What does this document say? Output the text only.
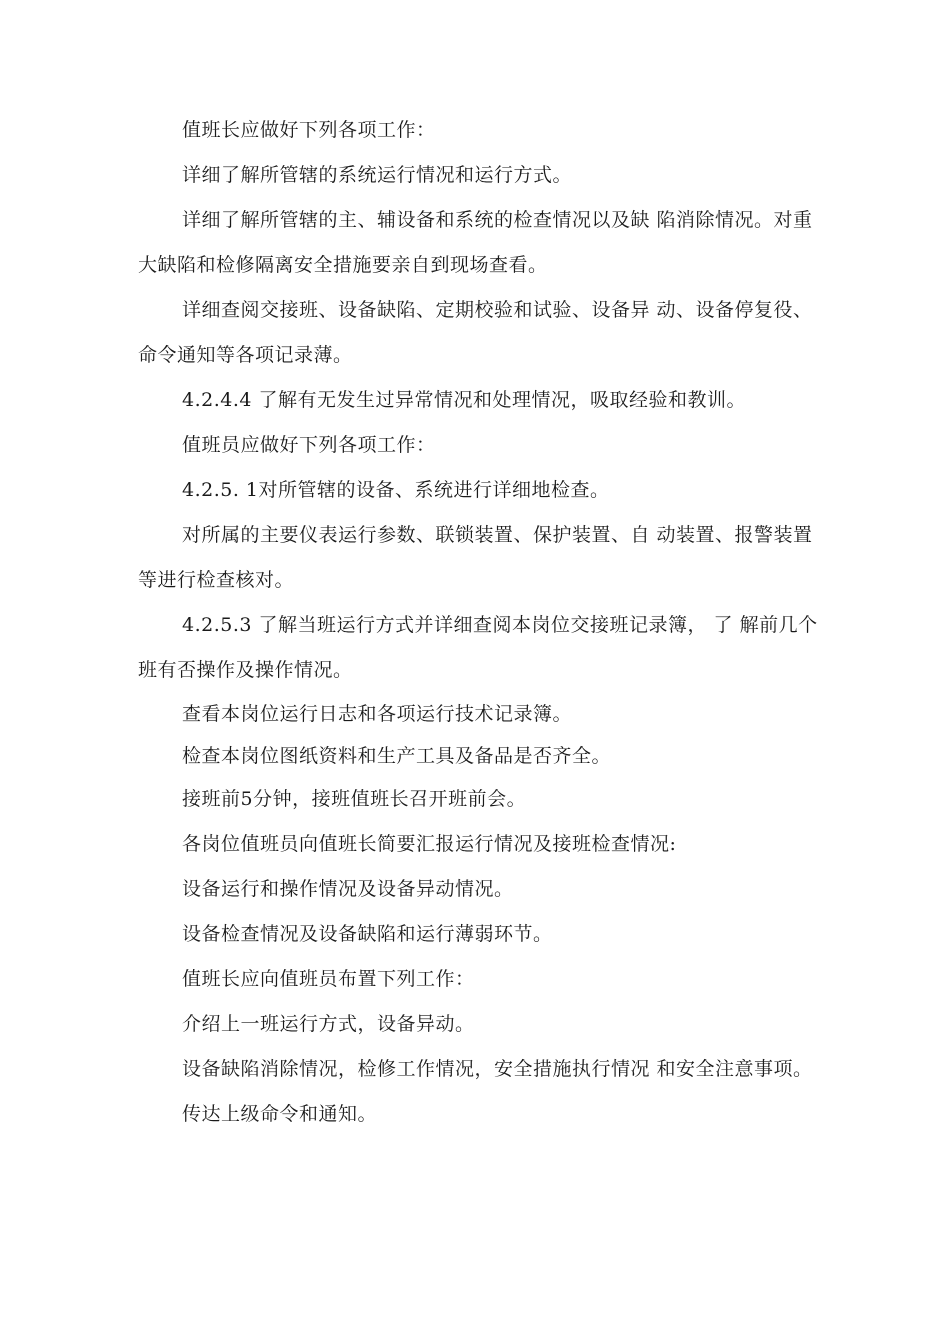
值班长应做好下列各项工作：

详细了解所管辖的系统运行情况和运行方式。

详细了解所管辖的主、辅设备和系统的检查情况以及缺 陷消除情况。对重大缺陷和检修隔离安全措施要亲自到现场查看。

详细查阅交接班、设备缺陷、定期校验和试验、设备异 动、设备停复役、命令通知等各项记录薄。

4.2.4.4 了解有无发生过异常情况和处理情况，吸取经验和教训。

值班员应做好下列各项工作：

4.2.5. 1对所管辖的设备、系统进行详细地检查。

对所属的主要仪表运行参数、联锁装置、保护装置、自 动装置、报警装置等进行检查核对。

4.2.5.3 了解当班运行方式并详细查阅本岗位交接班记录簿， 了 解前几个班有否操作及操作情况。

查看本岗位运行日志和各项运行技术记录簿。

检查本岗位图纸资料和生产工具及备品是否齐全。

接班前5分钟，接班值班长召开班前会。

各岗位值班员向值班长简要汇报运行情况及接班检查情况:

设备运行和操作情况及设备异动情况。

设备检查情况及设备缺陷和运行薄弱环节。

值班长应向值班员布置下列工作：

介绍上一班运行方式，设备异动。

设备缺陷消除情况，检修工作情况，安全措施执行情况 和安全注意事项。

传达上级命令和通知。
